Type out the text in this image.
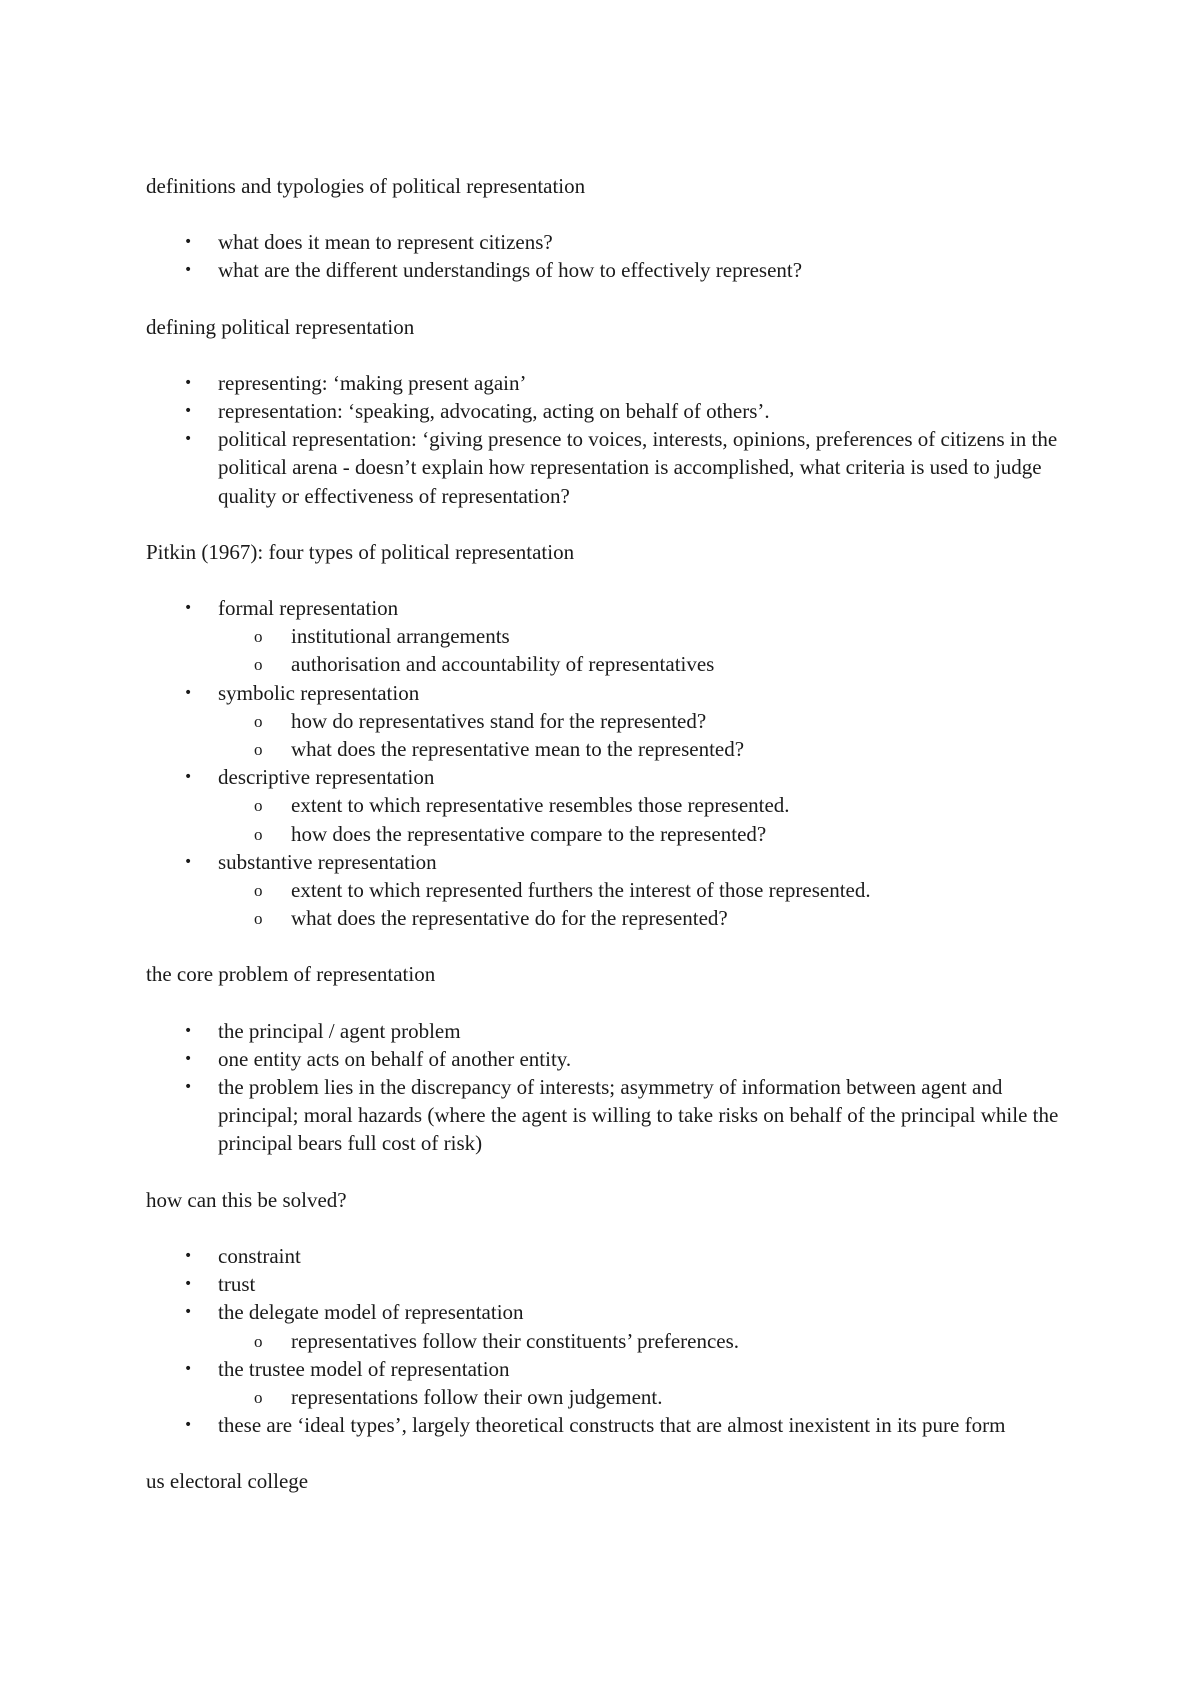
definitions and typologies of political representation

• what does it mean to represent citizens?
• what are the different understandings of how to effectively represent?

defining political representation

• representing: ‘making present again’
• representation: ‘speaking, advocating, acting on behalf of others’.
• political representation: ‘giving presence to voices, interests, opinions, preferences of citizens in the political arena - doesn’t explain how representation is accomplished, what criteria is used to judge quality or effectiveness of representation?

Pitkin (1967): four types of political representation

• formal representation
o institutional arrangements
o authorisation and accountability of representatives
• symbolic representation
o how do representatives stand for the represented?
o what does the representative mean to the represented?
• descriptive representation
o extent to which representative resembles those represented.
o how does the representative compare to the represented?
• substantive representation
o extent to which represented furthers the interest of those represented.
o what does the representative do for the represented?

the core problem of representation

• the principal / agent problem
• one entity acts on behalf of another entity.
• the problem lies in the discrepancy of interests; asymmetry of information between agent and principal; moral hazards (where the agent is willing to take risks on behalf of the principal while the principal bears full cost of risk)

how can this be solved?

• constraint
• trust
• the delegate model of representation
o representatives follow their constituents’ preferences.
• the trustee model of representation
o representations follow their own judgement.
• these are ‘ideal types’, largely theoretical constructs that are almost inexistent in its pure form

us electoral college
